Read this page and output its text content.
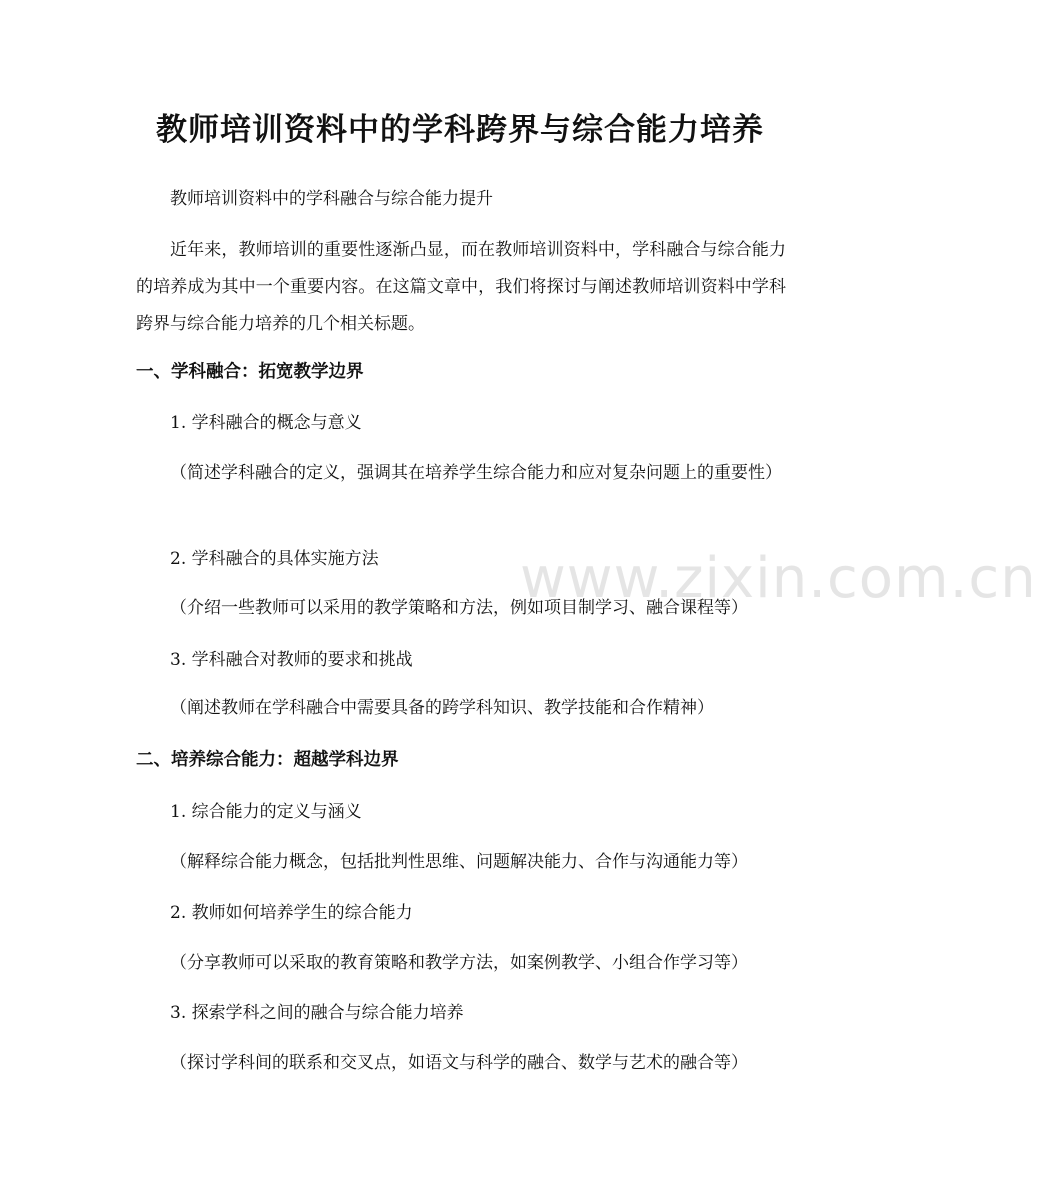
www.zixin.com.cn
教师培训资料中的学科跨界与综合能力培养
教师培训资料中的学科融合与综合能力提升
近年来，教师培训的重要性逐渐凸显，而在教师培训资料中，学科融合与综合能力的培养成为其中一个重要内容。在这篇文章中，我们将探讨与阐述教师培训资料中学科跨界与综合能力培养的几个相关标题。
一、学科融合：拓宽教学边界
1. 学科融合的概念与意义
（简述学科融合的定义，强调其在培养学生综合能力和应对复杂问题上的重要性）
2. 学科融合的具体实施方法
（介绍一些教师可以采用的教学策略和方法，例如项目制学习、融合课程等）
3. 学科融合对教师的要求和挑战
（阐述教师在学科融合中需要具备的跨学科知识、教学技能和合作精神）
二、培养综合能力：超越学科边界
1. 综合能力的定义与涵义
（解释综合能力概念，包括批判性思维、问题解决能力、合作与沟通能力等）
2. 教师如何培养学生的综合能力
（分享教师可以采取的教育策略和教学方法，如案例教学、小组合作学习等）
3. 探索学科之间的融合与综合能力培养
（探讨学科间的联系和交叉点，如语文与科学的融合、数学与艺术的融合等）
